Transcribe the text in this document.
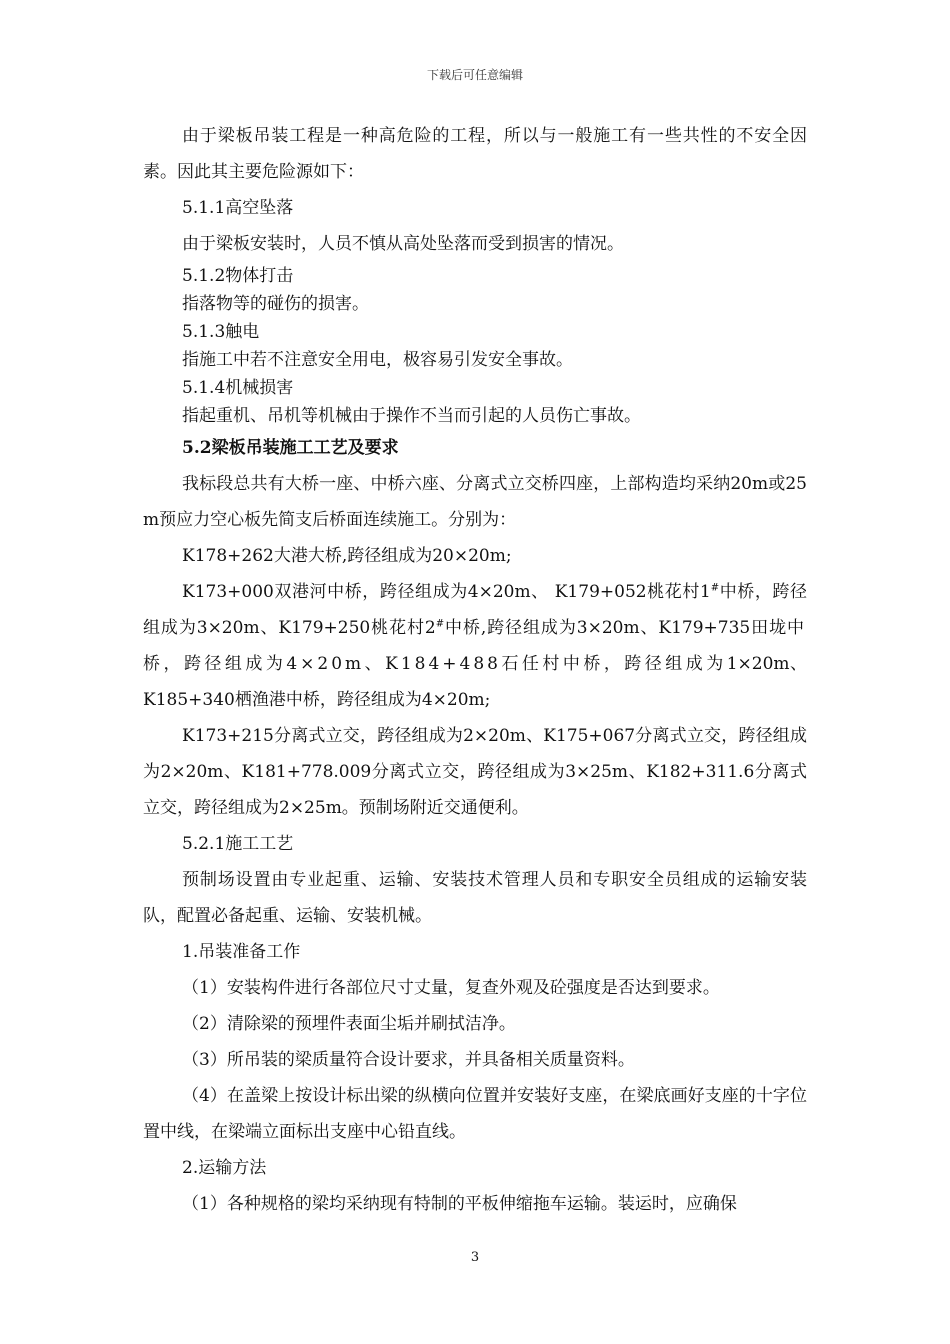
下载后可任意编辑

由于梁板吊装工程是一种高危险的工程，所以与一般施工有一些共性的不安全因素。因此其主要危险源如下：

5.1.1高空坠落

由于梁板安装时，人员不慎从高处坠落而受到损害的情况。

5.1.2物体打击

指落物等的碰伤的损害。

5.1.3触电

指施工中若不注意安全用电，极容易引发安全事故。

5.1.4机械损害

指起重机、吊机等机械由于操作不当而引起的人员伤亡事故。

5.2梁板吊装施工工艺及要求

我标段总共有大桥一座、中桥六座、分离式立交桥四座，上部构造均采纳20m或25m预应力空心板先简支后桥面连续施工。分别为：

K178+262大港大桥,跨径组成为20×20m;

K173+000双港河中桥，跨径组成为4×20m、 K179+052桃花村1#中桥，跨径组成为3×20m、K179+250桃花村2#中桥,跨径组成为3×20m、K179+735田垅中桥，跨径组成为4×20m、K184+488石任村中桥，跨径组成为1×20m、K185+340栖渔港中桥，跨径组成为4×20m;

K173+215分离式立交，跨径组成为2×20m、K175+067分离式立交，跨径组成为2×20m、K181+778.009分离式立交，跨径组成为3×25m、K182+311.6分离式立交，跨径组成为2×25m。预制场附近交通便利。

5.2.1施工工艺

预制场设置由专业起重、运输、安装技术管理人员和专职安全员组成的运输安装队，配置必备起重、运输、安装机械。

1.吊装准备工作

（1）安装构件进行各部位尺寸丈量，复查外观及砼强度是否达到要求。

（2）清除梁的预埋件表面尘垢并刷拭洁净。

（3）所吊装的梁质量符合设计要求，并具备相关质量资料。

（4）在盖梁上按设计标出梁的纵横向位置并安装好支座，在梁底画好支座的十字位置中线，在梁端立面标出支座中心铅直线。

2.运输方法

（1）各种规格的梁均采纳现有特制的平板伸缩拖车运输。装运时，应确保

3
